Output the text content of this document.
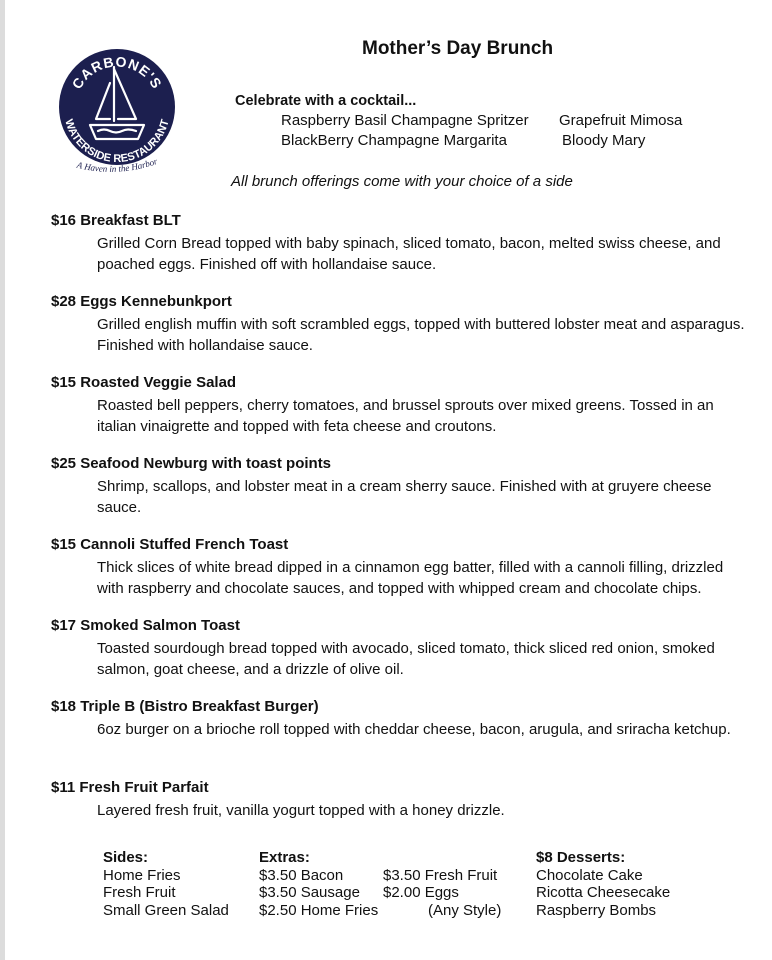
CARBONE'S
WATERSIDE RESTAURANT
A Haven in the Harbor
Mother’s Day Brunch
Celebrate with a cocktail...
Raspberry Basil Champagne Spritzer Grapefruit Mimosa
BlackBerry Champagne Margarita	Bloody Mary
All brunch offerings come with your choice of a side
$16 Breakfast BLT
Grilled Corn Bread topped with baby spinach, sliced tomato, bacon, melted swiss cheese, and poached eggs. Finished off with hollandaise sauce.
$28 Eggs Kennebunkport
Grilled english muffin with soft scrambled eggs, topped with buttered lobster meat and asparagus. Finished with hollandaise sauce.
$15 Roasted Veggie Salad
Roasted bell peppers, cherry tomatoes, and brussel sprouts over mixed greens. Tossed in an italian vinaigrette and topped with feta cheese and croutons.
$25 Seafood Newburg with toast points
Shrimp, scallops, and lobster meat in a cream sherry sauce. Finished with at gruyere cheese sauce.
$15 Cannoli Stuffed French Toast
Thick slices of white bread dipped in a cinnamon egg batter, filled with a cannoli filling, drizzled with raspberry and chocolate sauces, and topped with whipped cream and chocolate chips.
$17 Smoked Salmon Toast
Toasted sourdough bread topped with avocado, sliced tomato, thick sliced red onion, smoked salmon, goat cheese, and a drizzle of olive oil.
$18 Triple B (Bistro Breakfast Burger)
6oz burger on a brioche roll topped with cheddar cheese, bacon, arugula, and sriracha ketchup.
$11 Fresh Fruit Parfait
Layered fresh fruit, vanilla yogurt topped with a honey drizzle.
Sides:
Home Fries
Fresh Fruit
Small Green Salad
Extras:
$3.50 Bacon
$3.50 Sausage
$2.50 Home Fries

$3.50 Fresh Fruit
$2.00 Eggs
(Any Style)
$8 Desserts:
Chocolate Cake
Ricotta Cheesecake
Raspberry Bombs
